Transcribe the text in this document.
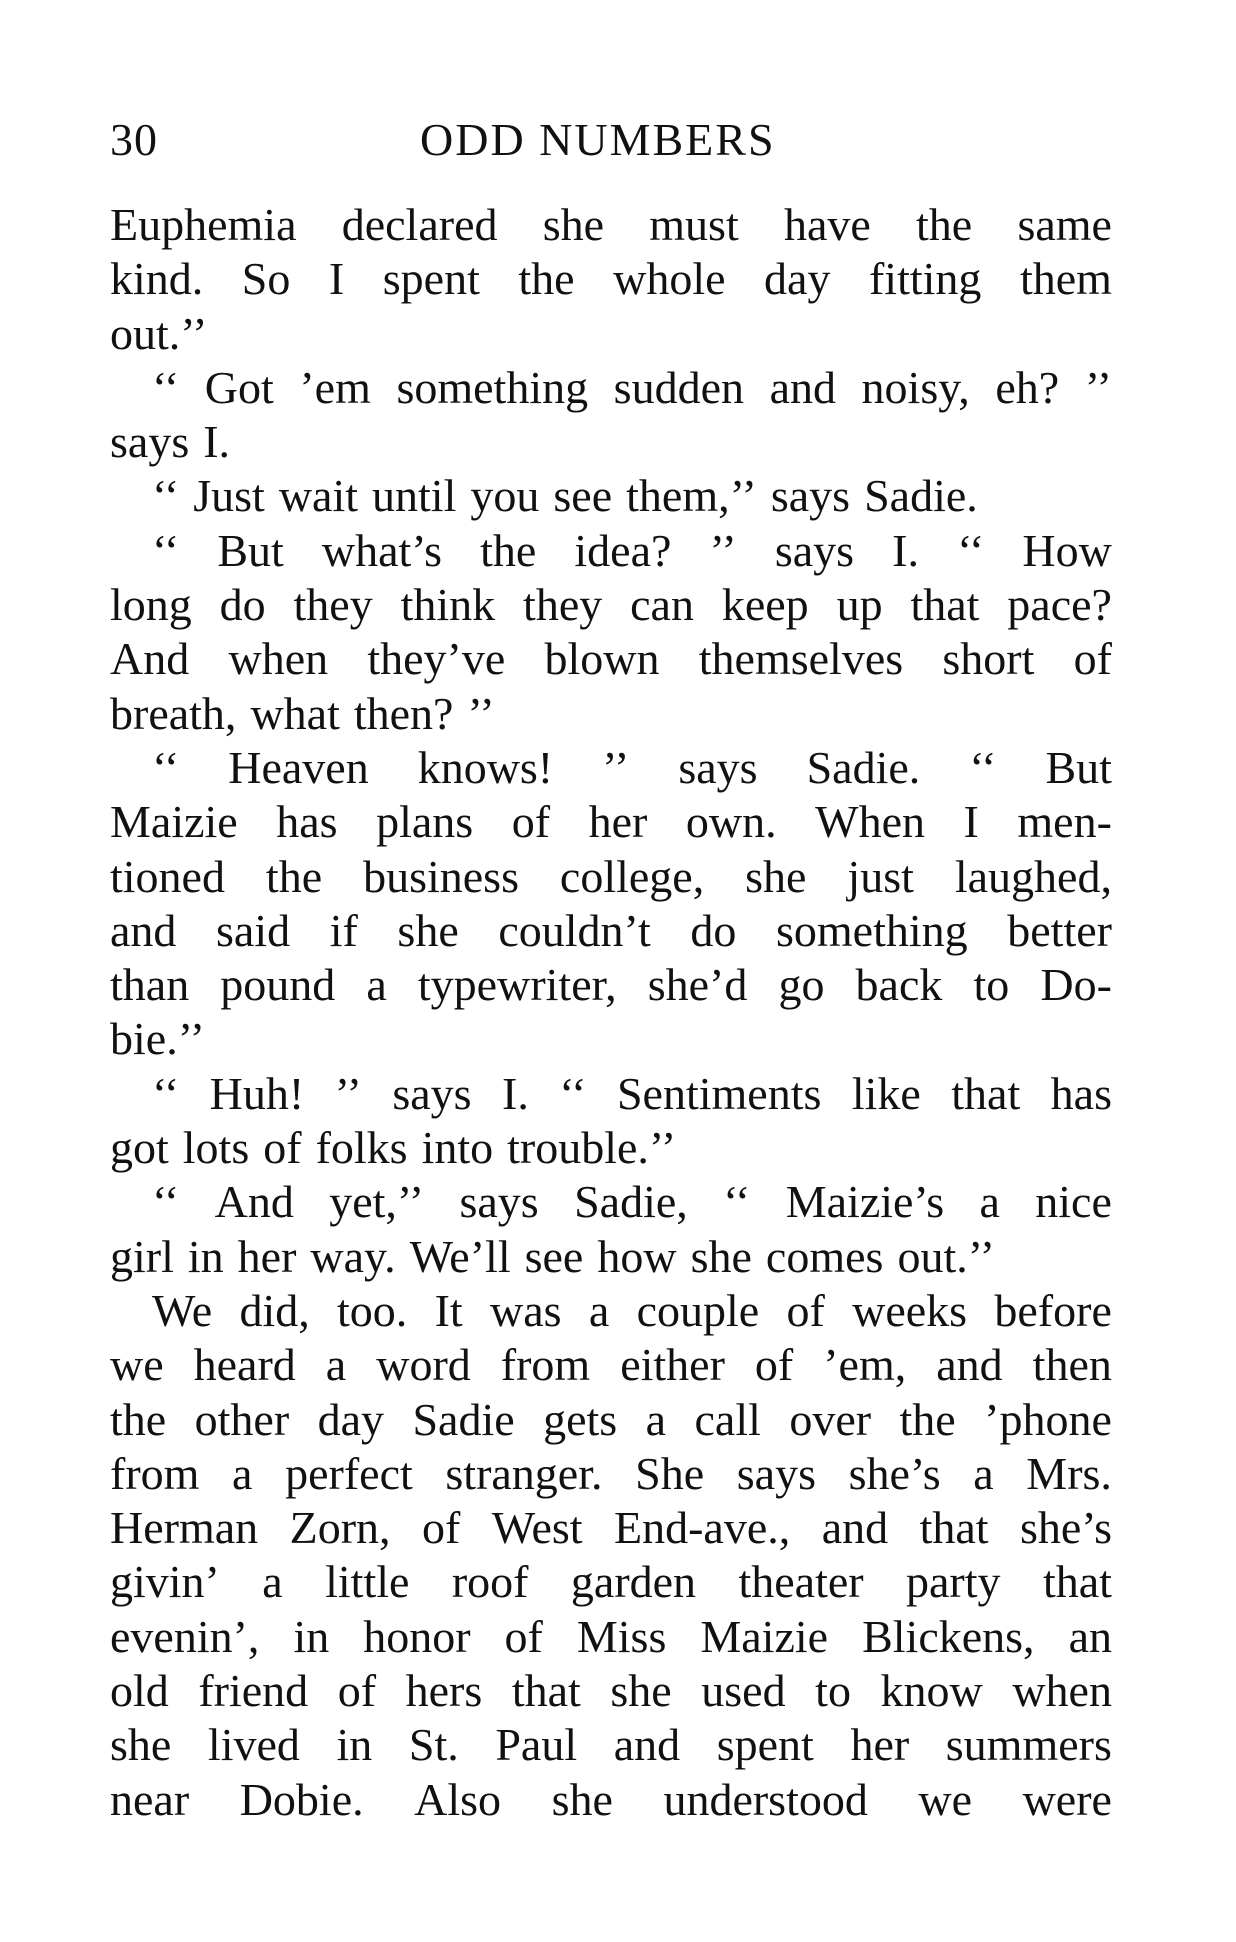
30	ODD NUMBERS
Euphemia declared she must have the same
kind. So I spent the whole day fitting them
out.’’
‘‘ Got ’em something sudden and noisy, eh? ’’
says I.
‘‘ Just wait until you see them,’’ says Sadie.
‘‘ But what’s the idea? ’’ says I. ‘‘ How
long do they think they can keep up that pace?
And when they’ve blown themselves short of
breath, what then? ’’
‘‘ Heaven knows! ’’ says Sadie. ‘‘ But
Maizie has plans of her own. When I men-
tioned the business college, she just laughed,
and said if she couldn’t do something better
than pound a typewriter, she’d go back to Do-
bie.’’
‘‘ Huh! ’’ says I. ‘‘ Sentiments like that has
got lots of folks into trouble.’’
‘‘ And yet,’’ says Sadie, ‘‘ Maizie’s a nice
girl in her way. We’ll see how she comes out.’’
We did, too. It was a couple of weeks before
we heard a word from either of ’em, and then
the other day Sadie gets a call over the ’phone
from a perfect stranger. She says she’s a Mrs.
Herman Zorn, of West End-ave., and that she’s
givin’ a little roof garden theater party that
evenin’, in honor of Miss Maizie Blickens, an
old friend of hers that she used to know when
she lived in St. Paul and spent her summers
near Dobie. Also she understood we were
